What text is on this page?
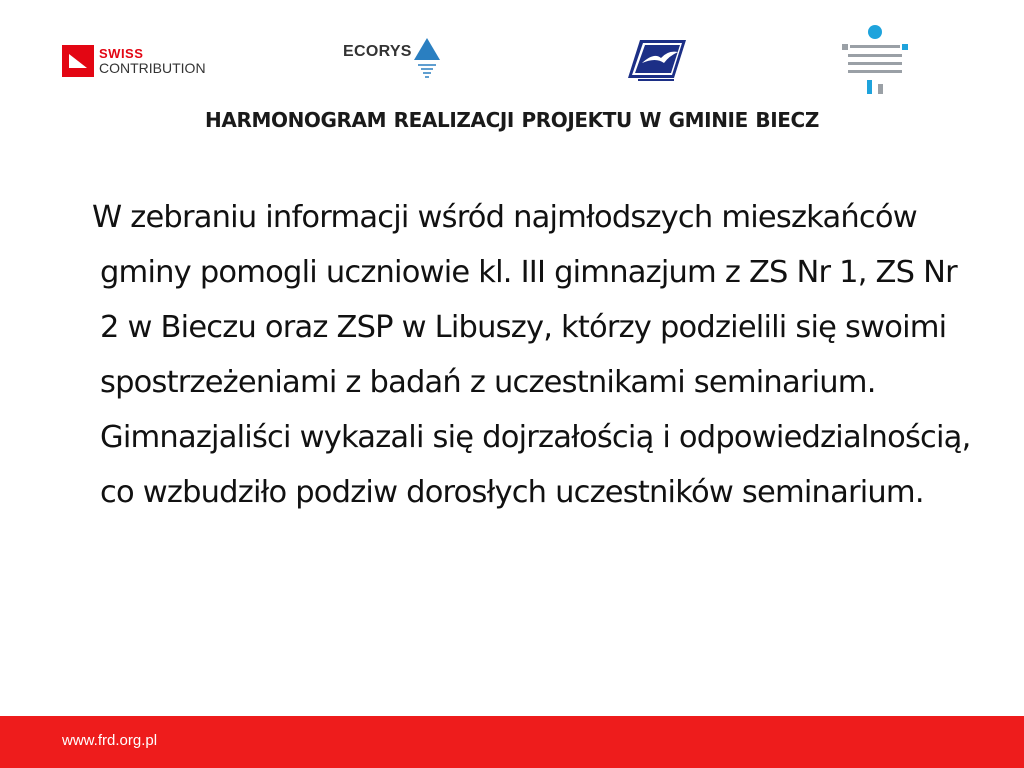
SWISS
CONTRIBUTION
ECORYS
HARMONOGRAM REALIZACJI PROJEKTU W GMINIE BIECZ
W zebraniu informacji wśród najmłodszych mieszkańców gminy pomogli uczniowie kl. III gimnazjum z ZS Nr 1, ZS Nr 2 w Bieczu oraz ZSP w Libuszy, którzy podzielili się swoimi spostrzeżeniami z badań z uczestnikami seminarium.
Gimnazjaliści wykazali się dojrzałością i odpowiedzialnością, co wzbudziło podziw dorosłych uczestników seminarium.
www.frd.org.pl
